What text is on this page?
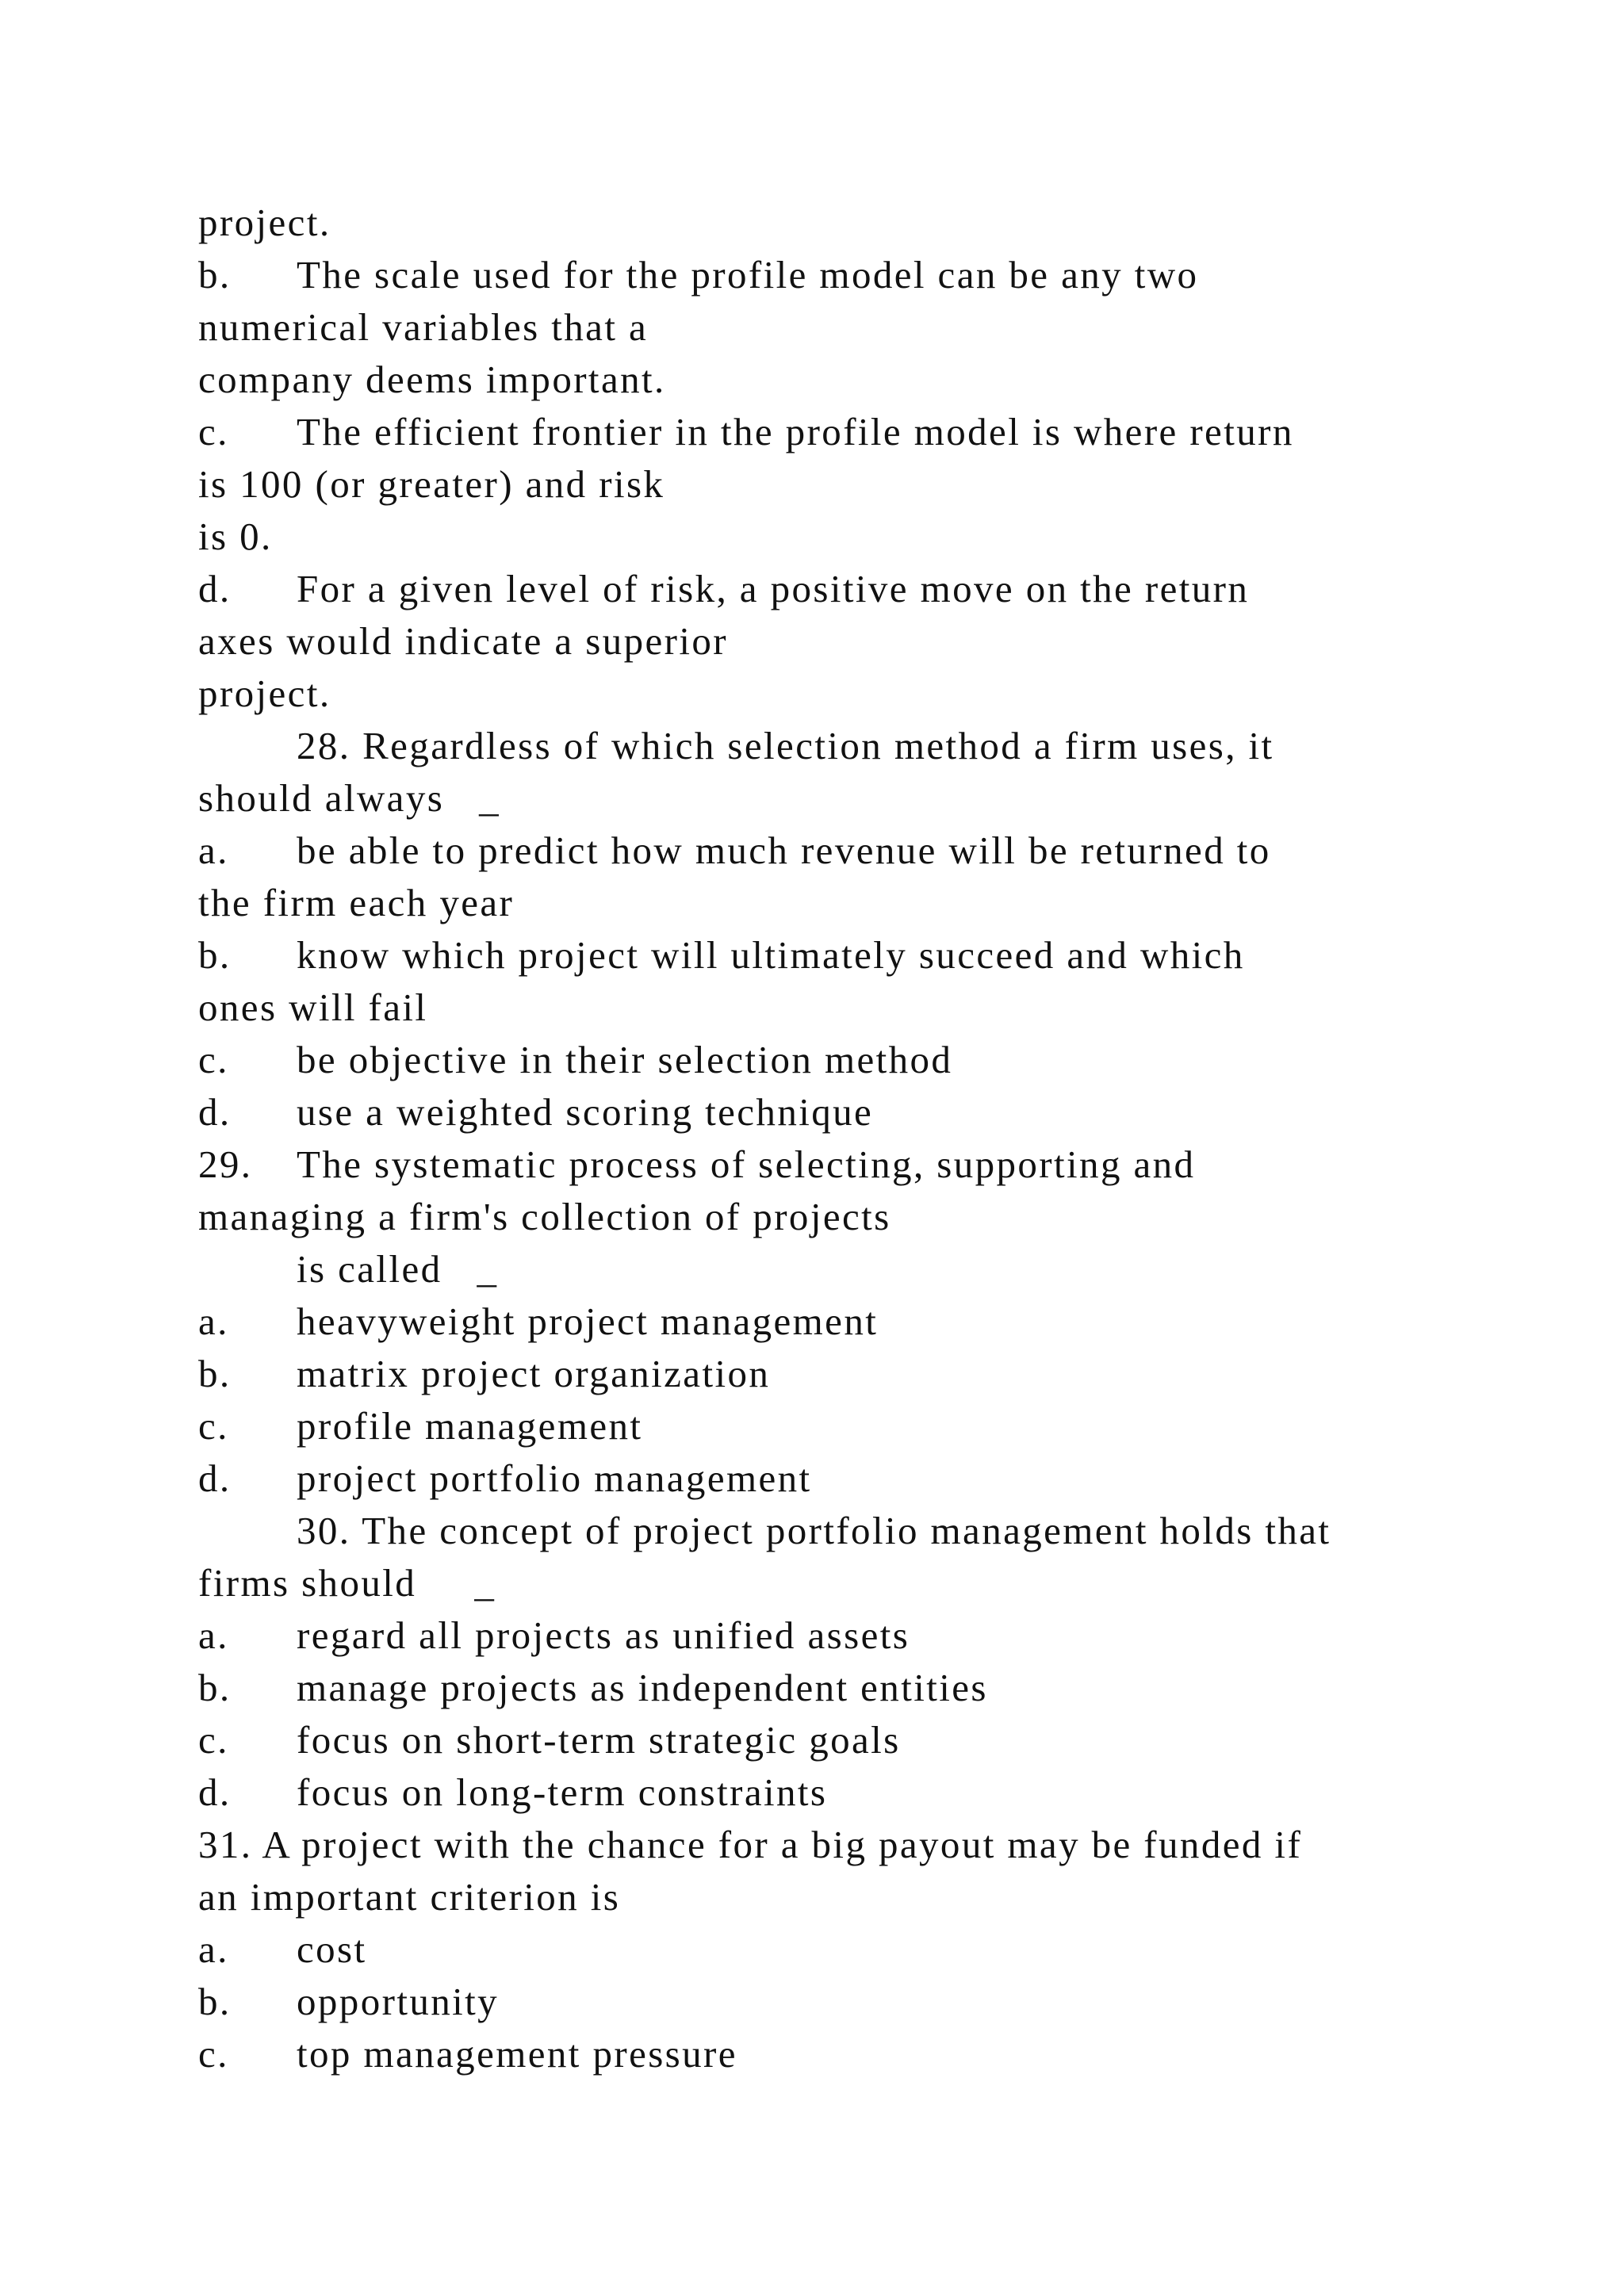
project.
b. The scale used for the profile model can be any two
numerical variables that a
company deems important.
c. The efficient frontier in the profile model is where return
is 100 (or greater) and risk
is 0.
d. For a given level of risk, a positive move on the return
axes would indicate a superior
project.
28. Regardless of which selection method a firm uses, it
should always   _
a. be able to predict how much revenue will be returned to
the firm each year
b. know which project will ultimately succeed and which
ones will fail
c. be objective in their selection method
d. use a weighted scoring technique
29. The systematic process of selecting, supporting and
managing a firm's collection of projects
is called   _
a. heavyweight project management
b. matrix project organization
c. profile management
d. project portfolio management
30. The concept of project portfolio management holds that
firms should     _
a. regard all projects as unified assets
b. manage projects as independent entities
c. focus on short-term strategic goals
d. focus on long-term constraints
31. A project with the chance for a big payout may be funded if
an important criterion is
a. cost
b. opportunity
c. top management pressure
